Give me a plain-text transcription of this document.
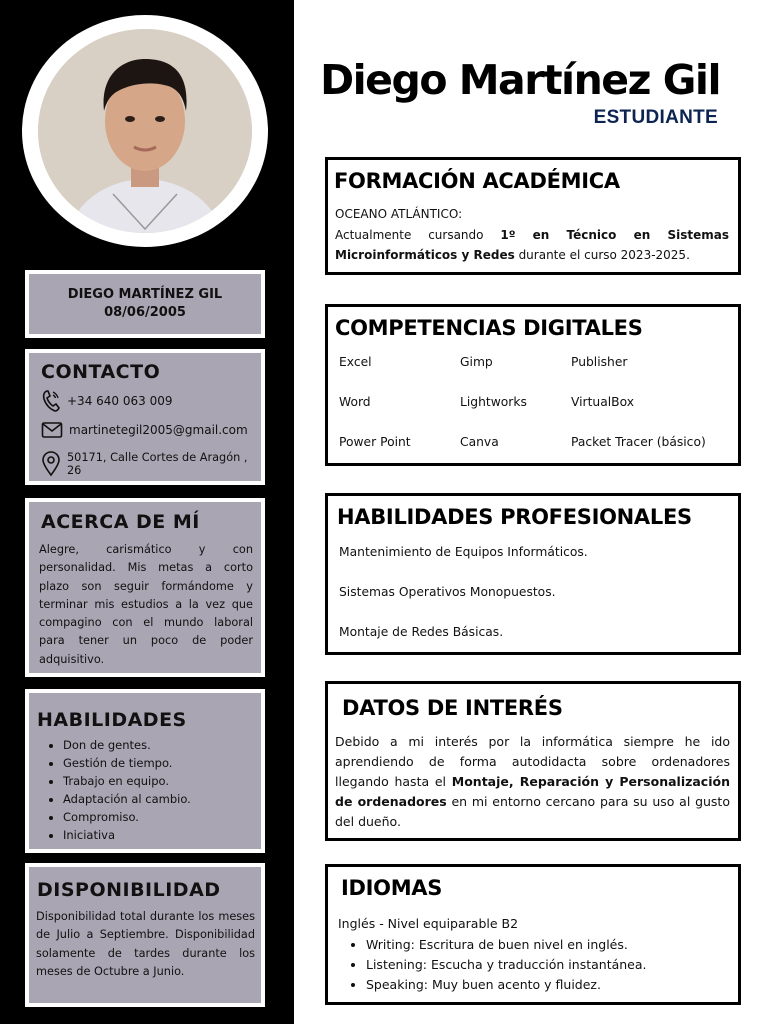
DIEGO MARTÍNEZ GIL
08/06/2005
CONTACTO
+34 640 063 009
martinetegil2005@gmail.com
50171, Calle Cortes de Aragón , 26
ACERCA DE MÍ

Alegre, carismático y con personalidad. Mis metas a corto plazo son seguir formándome y terminar mis estudios a la vez que compagino con el mundo laboral para tener un poco de poder adquisitivo.

HABILIDADES
• Don de gentes.
• Gestión de tiempo.
• Trabajo en equipo.
• Adaptación al cambio.
• Compromiso.
• Iniciativa
DISPONIBILIDAD

Disponibilidad total durante los meses de Julio a Septiembre. Disponibilidad solamente de tardes durante los meses de Octubre a Junio.

Diego Martínez Gil
ESTUDIANTE
FORMACIÓN ACADÉMICA
OCEANO ATLÁNTICO:
Actualmente cursando 1º en Técnico en Sistemas Microinformáticos y Redes durante el curso 2023-2025.
COMPETENCIAS DIGITALES
Excel	Gimp	Publisher
Word	Lightworks	VirtualBox
Power Point	Canva	Packet Tracer (básico)
HABILIDADES PROFESIONALES
Mantenimiento de Equipos Informáticos.
Sistemas Operativos Monopuestos.
Montaje de Redes Básicas.
DATOS DE INTERÉS

Debido a mi interés por la informática siempre he ido aprendiendo de forma autodidacta sobre ordenadores llegando hasta el Montaje, Reparación y Personalización de ordenadores en mi entorno cercano para su uso al gusto del dueño.

IDIOMAS
Inglés - Nivel equiparable B2
• Writing: Escritura de buen nivel en inglés.
• Listening: Escucha y traducción instantánea.
• Speaking: Muy buen acento y fluidez.
